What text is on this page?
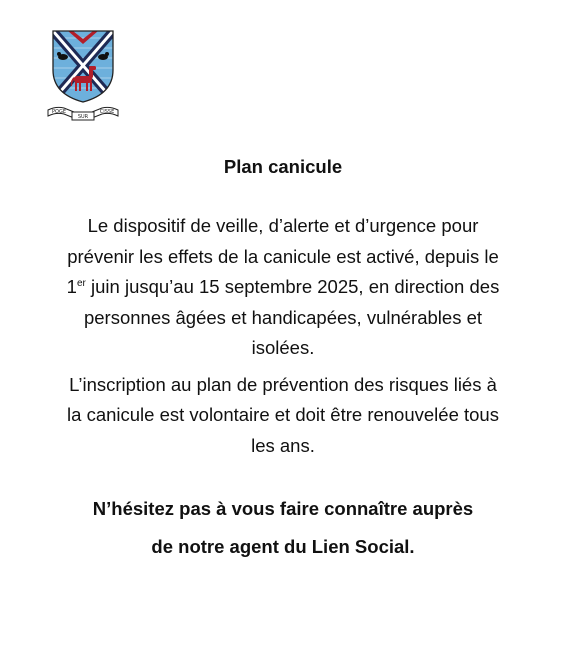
POGE
SUR
CISSE

Plan canicule

Le dispositif de veille, d’alerte et d’urgence pour
prévenir les effets de la canicule est activé, depuis le
1er juin jusqu’au 15 septembre 2025, en direction des
personnes âgées et handicapées, vulnérables et
isolées.

L’inscription au plan de prévention des risques liés à
la canicule est volontaire et doit être renouvelée tous
les ans.

N’hésitez pas à vous faire connaître auprès

de notre agent du Lien Social.
